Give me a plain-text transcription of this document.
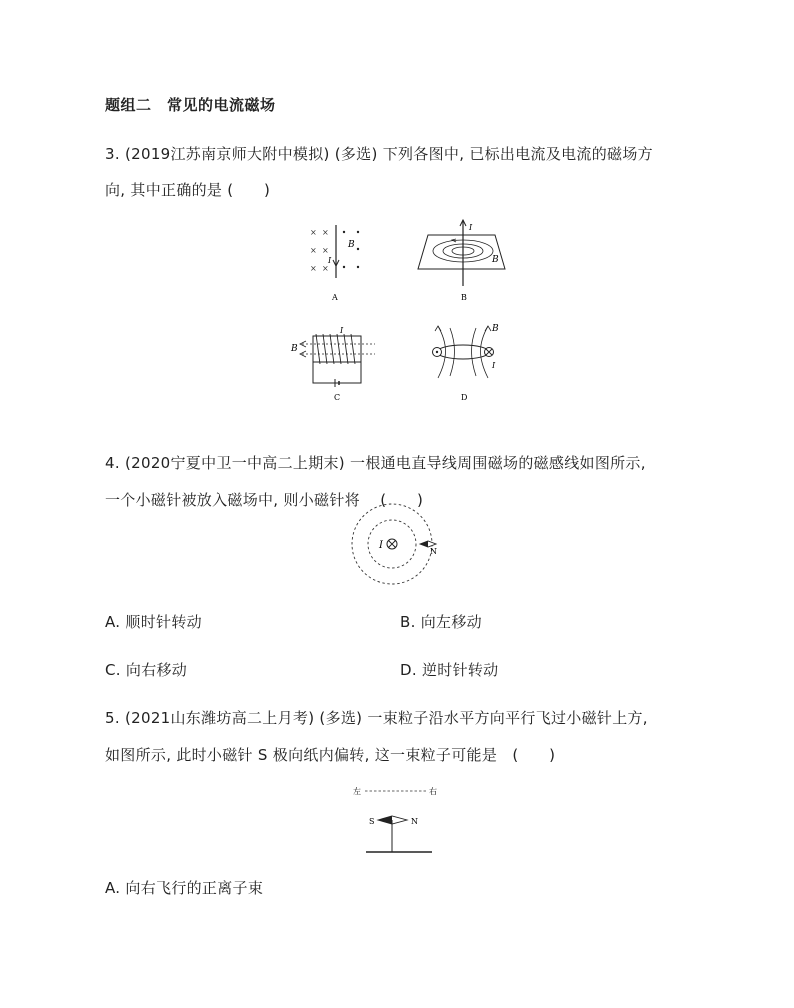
题组二　常见的电流磁场
3. (2019江苏南京师大附中模拟) (多选) 下列各图中, 已标出电流及电流的磁场方
向, 其中正确的是 (　　)
× ×
× ×
× ×
I
B
A
I
B
B
I
B
C
B
I
D
4. (2020宁夏中卫一中高二上期末) 一根通电直导线周围磁场的磁感线如图所示,
一个小磁针被放入磁场中, 则小磁针将　 (　　)
I
N
A. 顺时针转动	B. 向左移动
C. 向右移动	D. 逆时针转动
5. (2021山东潍坊高二上月考) (多选) 一束粒子沿水平方向平行飞过小磁针上方,
如图所示, 此时小磁针 S 极向纸内偏转, 这一束粒子可能是　(　　)
左	右
S	N
A. 向右飞行的正离子束
